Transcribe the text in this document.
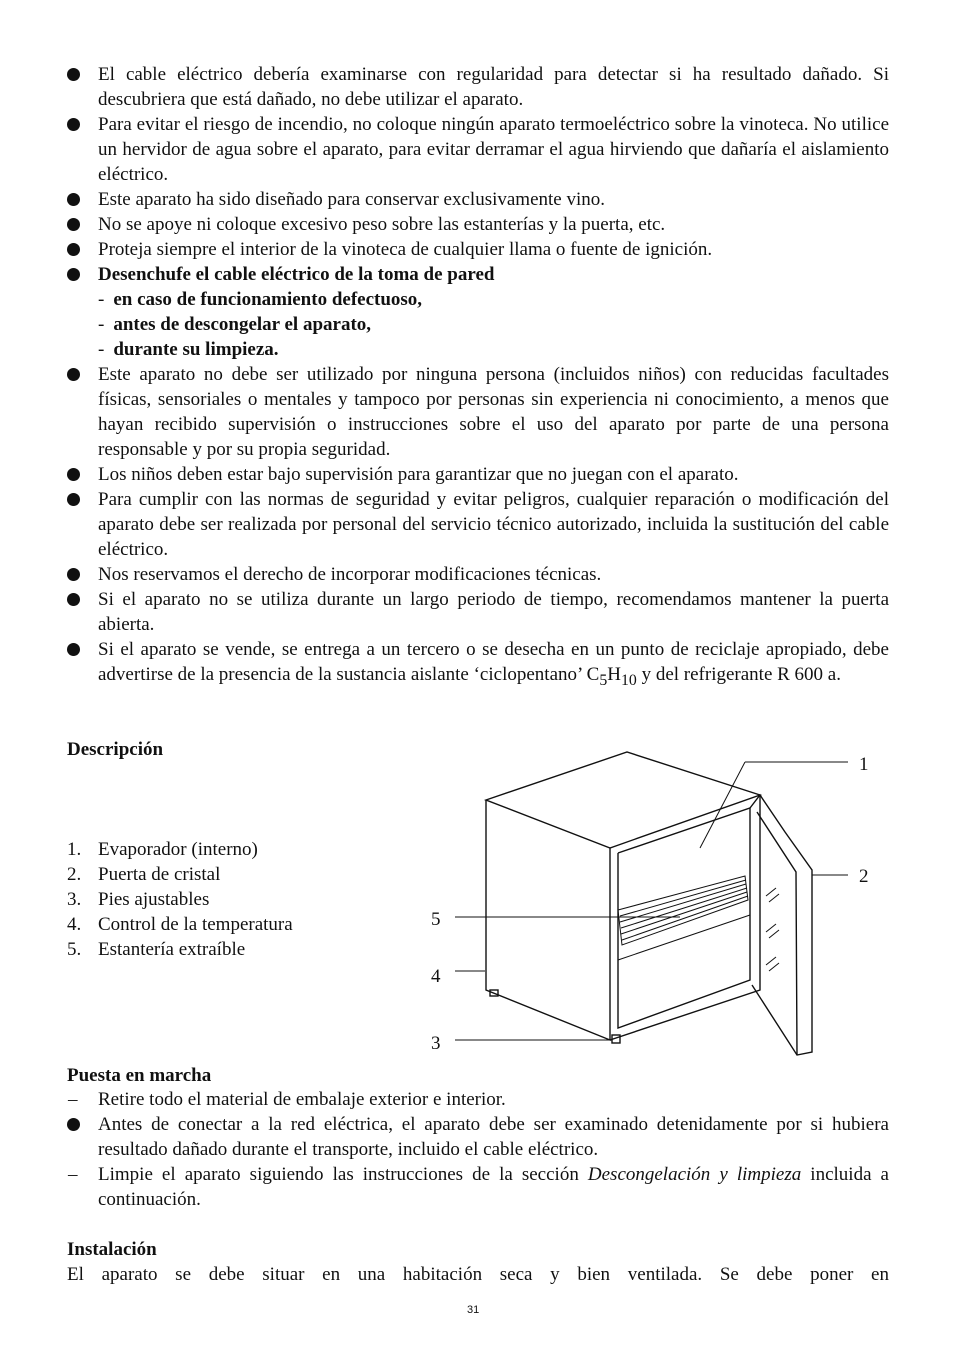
El cable eléctrico debería examinarse con regularidad para detectar si ha resultado dañado. Si descubriera que está dañado, no debe utilizar el aparato.
Para evitar el riesgo de incendio, no coloque ningún aparato termoeléctrico sobre la vinoteca. No utilice un hervidor de agua sobre el aparato, para evitar derramar el agua hirviendo que dañaría el aislamiento eléctrico.
Este aparato ha sido diseñado para conservar exclusivamente vino.
No se apoye ni coloque excesivo peso sobre las estanterías y la puerta, etc.
Proteja siempre el interior de la vinoteca de cualquier llama o fuente de ignición.
Desenchufe el cable eléctrico de la toma de pared
- en caso de funcionamiento defectuoso,
- antes de descongelar el aparato,
- durante su limpieza.
Este aparato no debe ser utilizado por ninguna persona (incluidos niños) con reducidas facultades físicas, sensoriales o mentales y tampoco por personas sin experiencia ni conocimiento, a menos que hayan recibido supervisión o instrucciones sobre el uso del aparato por parte de una persona responsable y por su propia seguridad.
Los niños deben estar bajo supervisión para garantizar que no juegan con el aparato.
Para cumplir con las normas de seguridad y evitar peligros, cualquier reparación o modificación del aparato debe ser realizada por personal del servicio técnico autorizado, incluida la sustitución del cable eléctrico.
Nos reservamos el derecho de incorporar modificaciones técnicas.
Si el aparato no se utiliza durante un largo periodo de tiempo, recomendamos mantener la puerta abierta.
Si el aparato se vende, se entrega a un tercero o se desecha en un punto de reciclaje apropiado, debe advertirse de la presencia de la sustancia aislante ‘ciclopentano’ $C_5H_{10}$ y del refrigerante R 600 a.
Descripción
1. Evaporador (interno)
2. Puerta de cristal
3. Pies ajustables
4. Control de la temperatura
5. Estantería extraíble
1
2
3
4
5
Puesta en marcha
– Retire todo el material de embalaje exterior e interior.
Antes de conectar a la red eléctrica, el aparato debe ser examinado detenidamente por si hubiera resultado dañado durante el transporte, incluido el cable eléctrico.
– Limpie el aparato siguiendo las instrucciones de la sección Descongelación y limpieza incluida a continuación.
Instalación
El aparato se debe situar en una habitación seca y bien ventilada. Se debe poner en
31
